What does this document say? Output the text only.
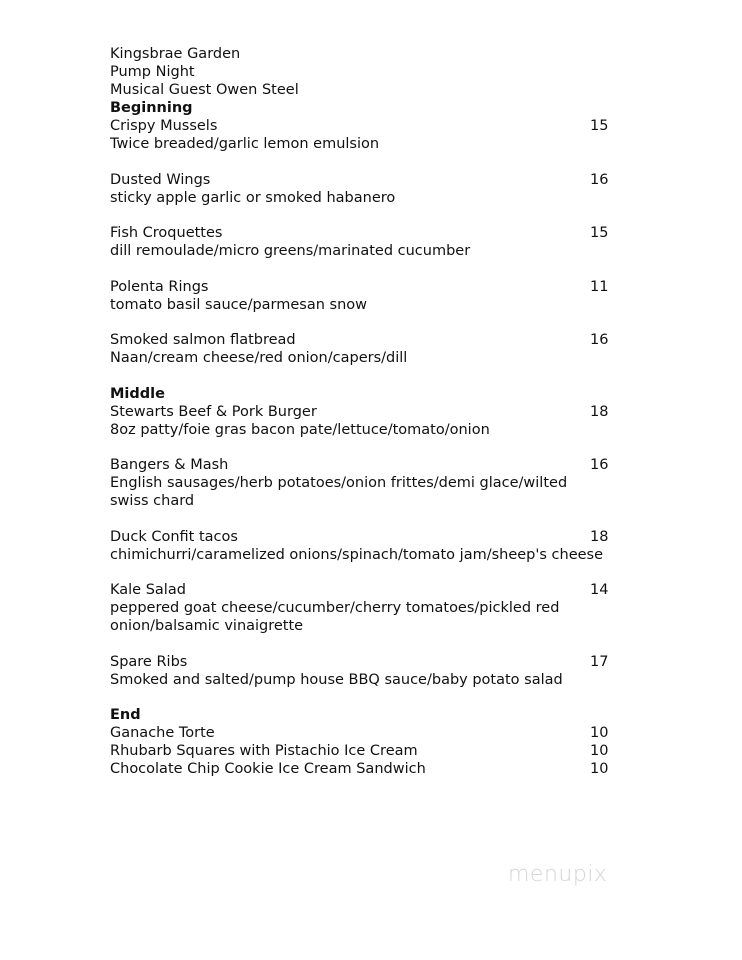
Kingsbrae Garden
Pump Night
Musical Guest Owen Steel
Beginning
Crispy Mussels	15
Twice breaded/garlic lemon emulsion
Dusted Wings	16
sticky apple garlic or smoked habanero
Fish Croquettes	15
dill remoulade/micro greens/marinated cucumber
Polenta Rings	11
tomato basil sauce/parmesan snow
Smoked salmon flatbread	16
Naan/cream cheese/red onion/capers/dill
Middle
Stewarts Beef & Pork Burger	18
8oz patty/foie gras bacon pate/lettuce/tomato/onion
Bangers & Mash	16
English sausages/herb potatoes/onion frittes/demi glace/wilted swiss chard
Duck Confit tacos	18
chimichurri/caramelized onions/spinach/tomato jam/sheep's cheese
Kale Salad	14
peppered goat cheese/cucumber/cherry tomatoes/pickled red onion/balsamic vinaigrette
Spare Ribs	17
Smoked and salted/pump house BBQ sauce/baby potato salad
End
Ganache Torte	10
Rhubarb Squares with Pistachio Ice Cream	10
Chocolate Chip Cookie Ice Cream Sandwich	10
menupix
